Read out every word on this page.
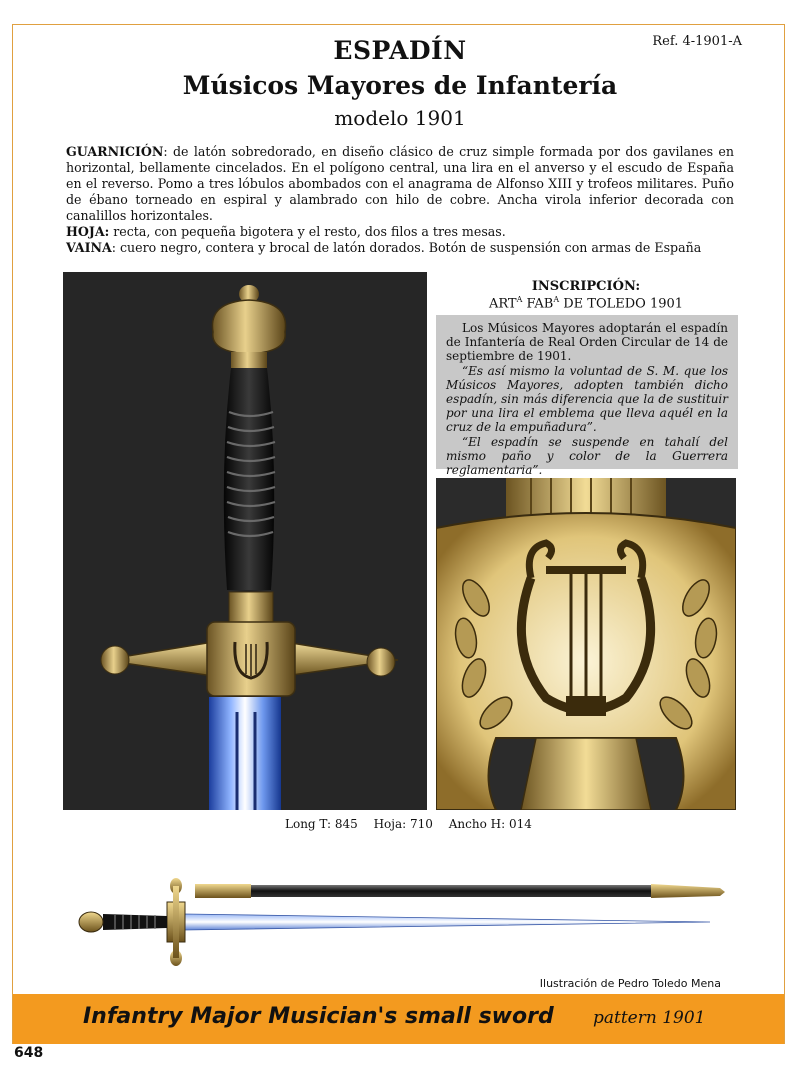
Ref. 4-1901-A
ESPADÍN
Músicos Mayores de Infantería
modelo 1901

GUARNICIÓN: de latón sobredorado, en diseño clásico de cruz simple formada por dos gavilanes en horizontal, bellamente cincelados. En el polígono central, una lira en el anverso y el escudo de España en el reverso. Pomo a tres lóbulos abombados con el anagrama de Alfonso XIII y trofeos militares. Puño de ébano torneado en espiral y alambrado con hilo de cobre. Ancha virola inferior decorada con canalillos horizontales.

HOJA: recta, con pequeña bigotera y el resto, dos filos a tres mesas.

VAINA: cuero negro, contera y brocal de latón dorados. Botón de suspensión con armas de España

INSCRIPCIÓN:
$ART^A$ $FAB^A$ DE TOLEDO 1901

Los Músicos Mayores adoptarán el espadín de Infantería de Real Orden Circular de 14 de septiembre de 1901.

“Es así mismo la voluntad de S. M. que los Músicos Mayores, adopten también dicho espadín, sin más diferencia que la de sustituir por una lira el emblema que lleva aquél en la cruz de la empuñadura”.

“El espadín se suspende en tahalí del mismo paño y color de la Guerrera reglamentaria”.

Long T: 845 Hoja: 710 Ancho H: 014
Ilustración de Pedro Toledo Mena
Infantry Major Musician's small sword pattern 1901
648
